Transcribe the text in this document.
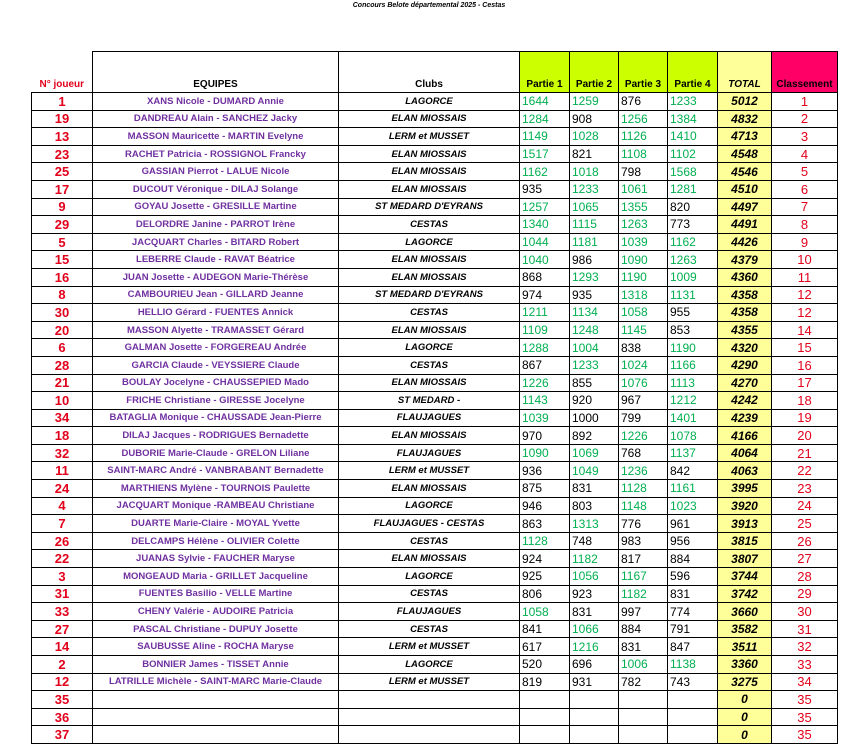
Concours Belote départemental 2025 - Cestas
N° joueur	EQUIPES	Clubs	Partie 1	Partie 2	Partie 3	Partie 4	TOTAL	Classement
1	XANS Nicole - DUMARD Annie	LAGORCE	1644	1259	876	1233	5012	1
19	DANDREAU Alain - SANCHEZ Jacky	ELAN MIOSSAIS	1284	908	1256	1384	4832	2
13	MASSON Mauricette - MARTIN Evelyne	LERM et MUSSET	1149	1028	1126	1410	4713	3
23	RACHET Patricia - ROSSIGNOL Francky	ELAN MIOSSAIS	1517	821	1108	1102	4548	4
25	GASSIAN Pierrot - LALUE Nicole	ELAN MIOSSAIS	1162	1018	798	1568	4546	5
17	DUCOUT Véronique - DILAJ Solange	ELAN MIOSSAIS	935	1233	1061	1281	4510	6
9	GOYAU Josette - GRESILLE Martine	ST MEDARD D'EYRANS	1257	1065	1355	820	4497	7
29	DELORDRE Janine - PARROT Irène	CESTAS	1340	1115	1263	773	4491	8
5	JACQUART Charles - BITARD Robert	LAGORCE	1044	1181	1039	1162	4426	9
15	LEBERRE Claude - RAVAT Béatrice	ELAN MIOSSAIS	1040	986	1090	1263	4379	10
16	JUAN Josette - AUDEGON Marie-Thérèse	ELAN MIOSSAIS	868	1293	1190	1009	4360	11
8	CAMBOURIEU Jean - GILLARD Jeanne	ST MEDARD D'EYRANS	974	935	1318	1131	4358	12
30	HELLIO Gérard - FUENTES Annick	CESTAS	1211	1134	1058	955	4358	12
20	MASSON Alyette - TRAMASSET Gérard	ELAN MIOSSAIS	1109	1248	1145	853	4355	14
6	GALMAN Josette - FORGEREAU Andrée	LAGORCE	1288	1004	838	1190	4320	15
28	GARCIA Claude - VEYSSIERE Claude	CESTAS	867	1233	1024	1166	4290	16
21	BOULAY Jocelyne - CHAUSSEPIED Mado	ELAN MIOSSAIS	1226	855	1076	1113	4270	17
10	FRICHE Christiane - GIRESSE Jocelyne	ST MEDARD -	1143	920	967	1212	4242	18
34	BATAGLIA Monique - CHAUSSADE Jean-Pierre	FLAUJAGUES	1039	1000	799	1401	4239	19
18	DILAJ Jacques - RODRIGUES Bernadette	ELAN MIOSSAIS	970	892	1226	1078	4166	20
32	DUBORIE Marie-Claude - GRELON Liliane	FLAUJAGUES	1090	1069	768	1137	4064	21
11	SAINT-MARC André - VANBRABANT Bernadette	LERM et MUSSET	936	1049	1236	842	4063	22
24	MARTHIENS Mylène - TOURNOIS Paulette	ELAN MIOSSAIS	875	831	1128	1161	3995	23
4	JACQUART Monique -RAMBEAU Christiane	LAGORCE	946	803	1148	1023	3920	24
7	DUARTE Marie-Claire - MOYAL Yvette	FLAUJAGUES - CESTAS	863	1313	776	961	3913	25
26	DELCAMPS Hélène - OLIVIER Colette	CESTAS	1128	748	983	956	3815	26
22	JUANAS Sylvie - FAUCHER Maryse	ELAN MIOSSAIS	924	1182	817	884	3807	27
3	MONGEAUD Maria - GRILLET Jacqueline	LAGORCE	925	1056	1167	596	3744	28
31	FUENTES Basilio - VELLE Martine	CESTAS	806	923	1182	831	3742	29
33	CHENY Valérie - AUDOIRE Patricia	FLAUJAGUES	1058	831	997	774	3660	30
27	PASCAL Christiane - DUPUY Josette	CESTAS	841	1066	884	791	3582	31
14	SAUBUSSE Aline - ROCHA Maryse	LERM et MUSSET	617	1216	831	847	3511	32
2	BONNIER James - TISSET Annie	LAGORCE	520	696	1006	1138	3360	33
12	LATRILLE Michèle - SAINT-MARC Marie-Claude	LERM et MUSSET	819	931	782	743	3275	34
35							0	35
36							0	35
37							0	35
